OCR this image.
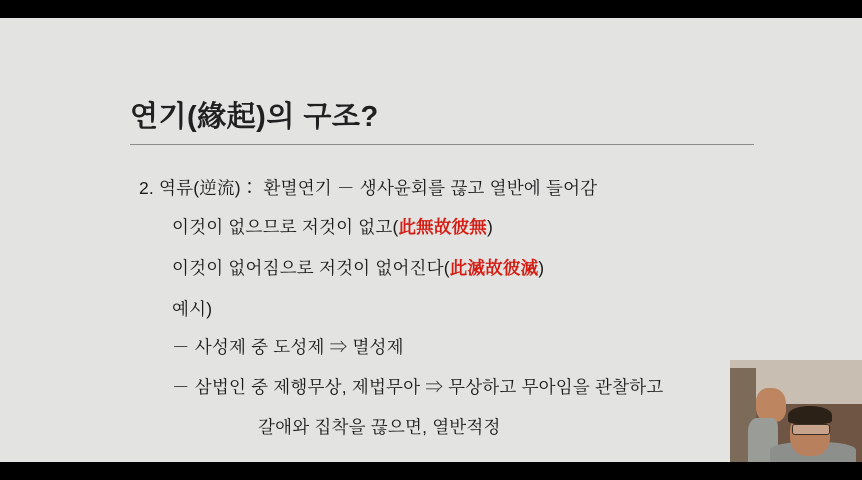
연기(緣起)의 구조?
2. 역류(逆流)∶ 환멸연기 － 생사윤회를 끊고 열반에 들어감
이것이 없으므로 저것이 없고(此無故彼無)
이것이 없어짐으로 저것이 없어진다(此滅故彼滅)
예시)
－ 사성제 중 도성제 ⇒ 멸성제
－ 삼법인 중 제행무상, 제법무아 ⇒ 무상하고 무아임을 관찰하고
갈애와 집착을 끊으면, 열반적정
